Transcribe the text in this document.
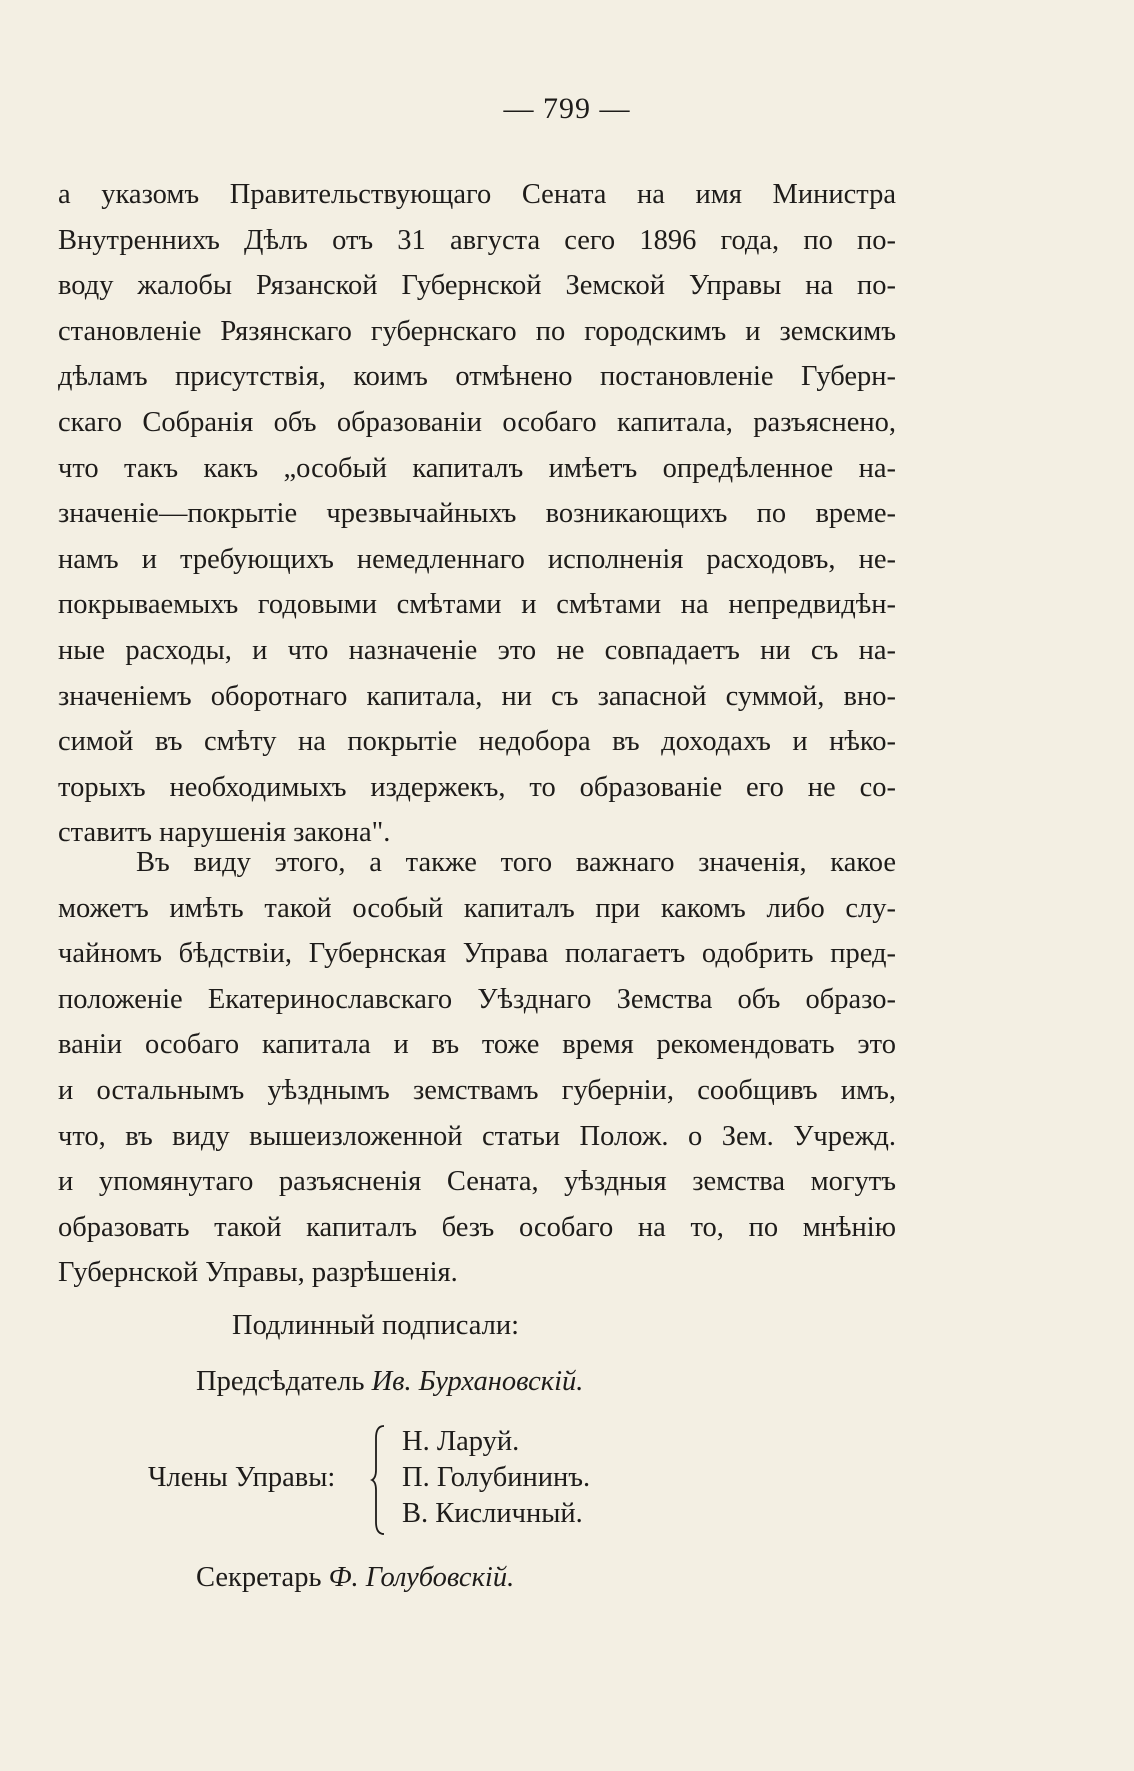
— 799 —
а указомъ Правительствующаго Сената на имя Министра
Внутреннихъ Дѣлъ отъ 31 августа сего 1896 года, по по-
воду жалобы Рязанской Губернской Земской Управы на по-
становленіе Рязянскаго губернскаго по городскимъ и земскимъ
дѣламъ присутствія, коимъ отмѣнено постановленіе Губерн-
скаго Собранія объ образованіи особаго капитала, разъяснено,
что такъ какъ „особый капиталъ имѣетъ опредѣленное на-
значеніе—покрытіе чрезвычайныхъ возникающихъ по време-
намъ и требующихъ немедленнаго исполненія расходовъ, не-
покрываемыхъ годовыми смѣтами и смѣтами на непредвидѣн-
ные расходы, и что назначеніе это не совпадаетъ ни съ на-
значеніемъ оборотнаго капитала, ни съ запасной суммой, вно-
симой въ смѣту на покрытіе недобора въ доходахъ и нѣко-
торыхъ необходимыхъ издержекъ, то образованіе его не со-
ставитъ нарушенія закона".
Въ виду этого, а также того важнаго значенія, какое
можетъ имѣть такой особый капиталъ при какомъ либо слу-
чайномъ бѣдствіи, Губернская Управа полагаетъ одобрить пред-
положеніе Екатеринославскаго Уѣзднаго Земства объ образо-
ваніи особаго капитала и въ тоже время рекомендовать это
и остальнымъ уѣзднымъ земствамъ губерніи, сообщивъ имъ,
что, въ виду вышеизложенной статьи Полож. о Зем. Учрежд.
и упомянутаго разъясненія Сената, уѣздныя земства могутъ
образовать такой капиталъ безъ особаго на то, по мнѣнію
Губернской Управы, разрѣшенія.
Подлинный подписали:
Предсѣдатель Ив. Бурхановскій.
Члены Управы:
Н. Ларуй.
П. Голубининъ.
В. Кисличный.
Секретарь Ф. Голубовскій.
